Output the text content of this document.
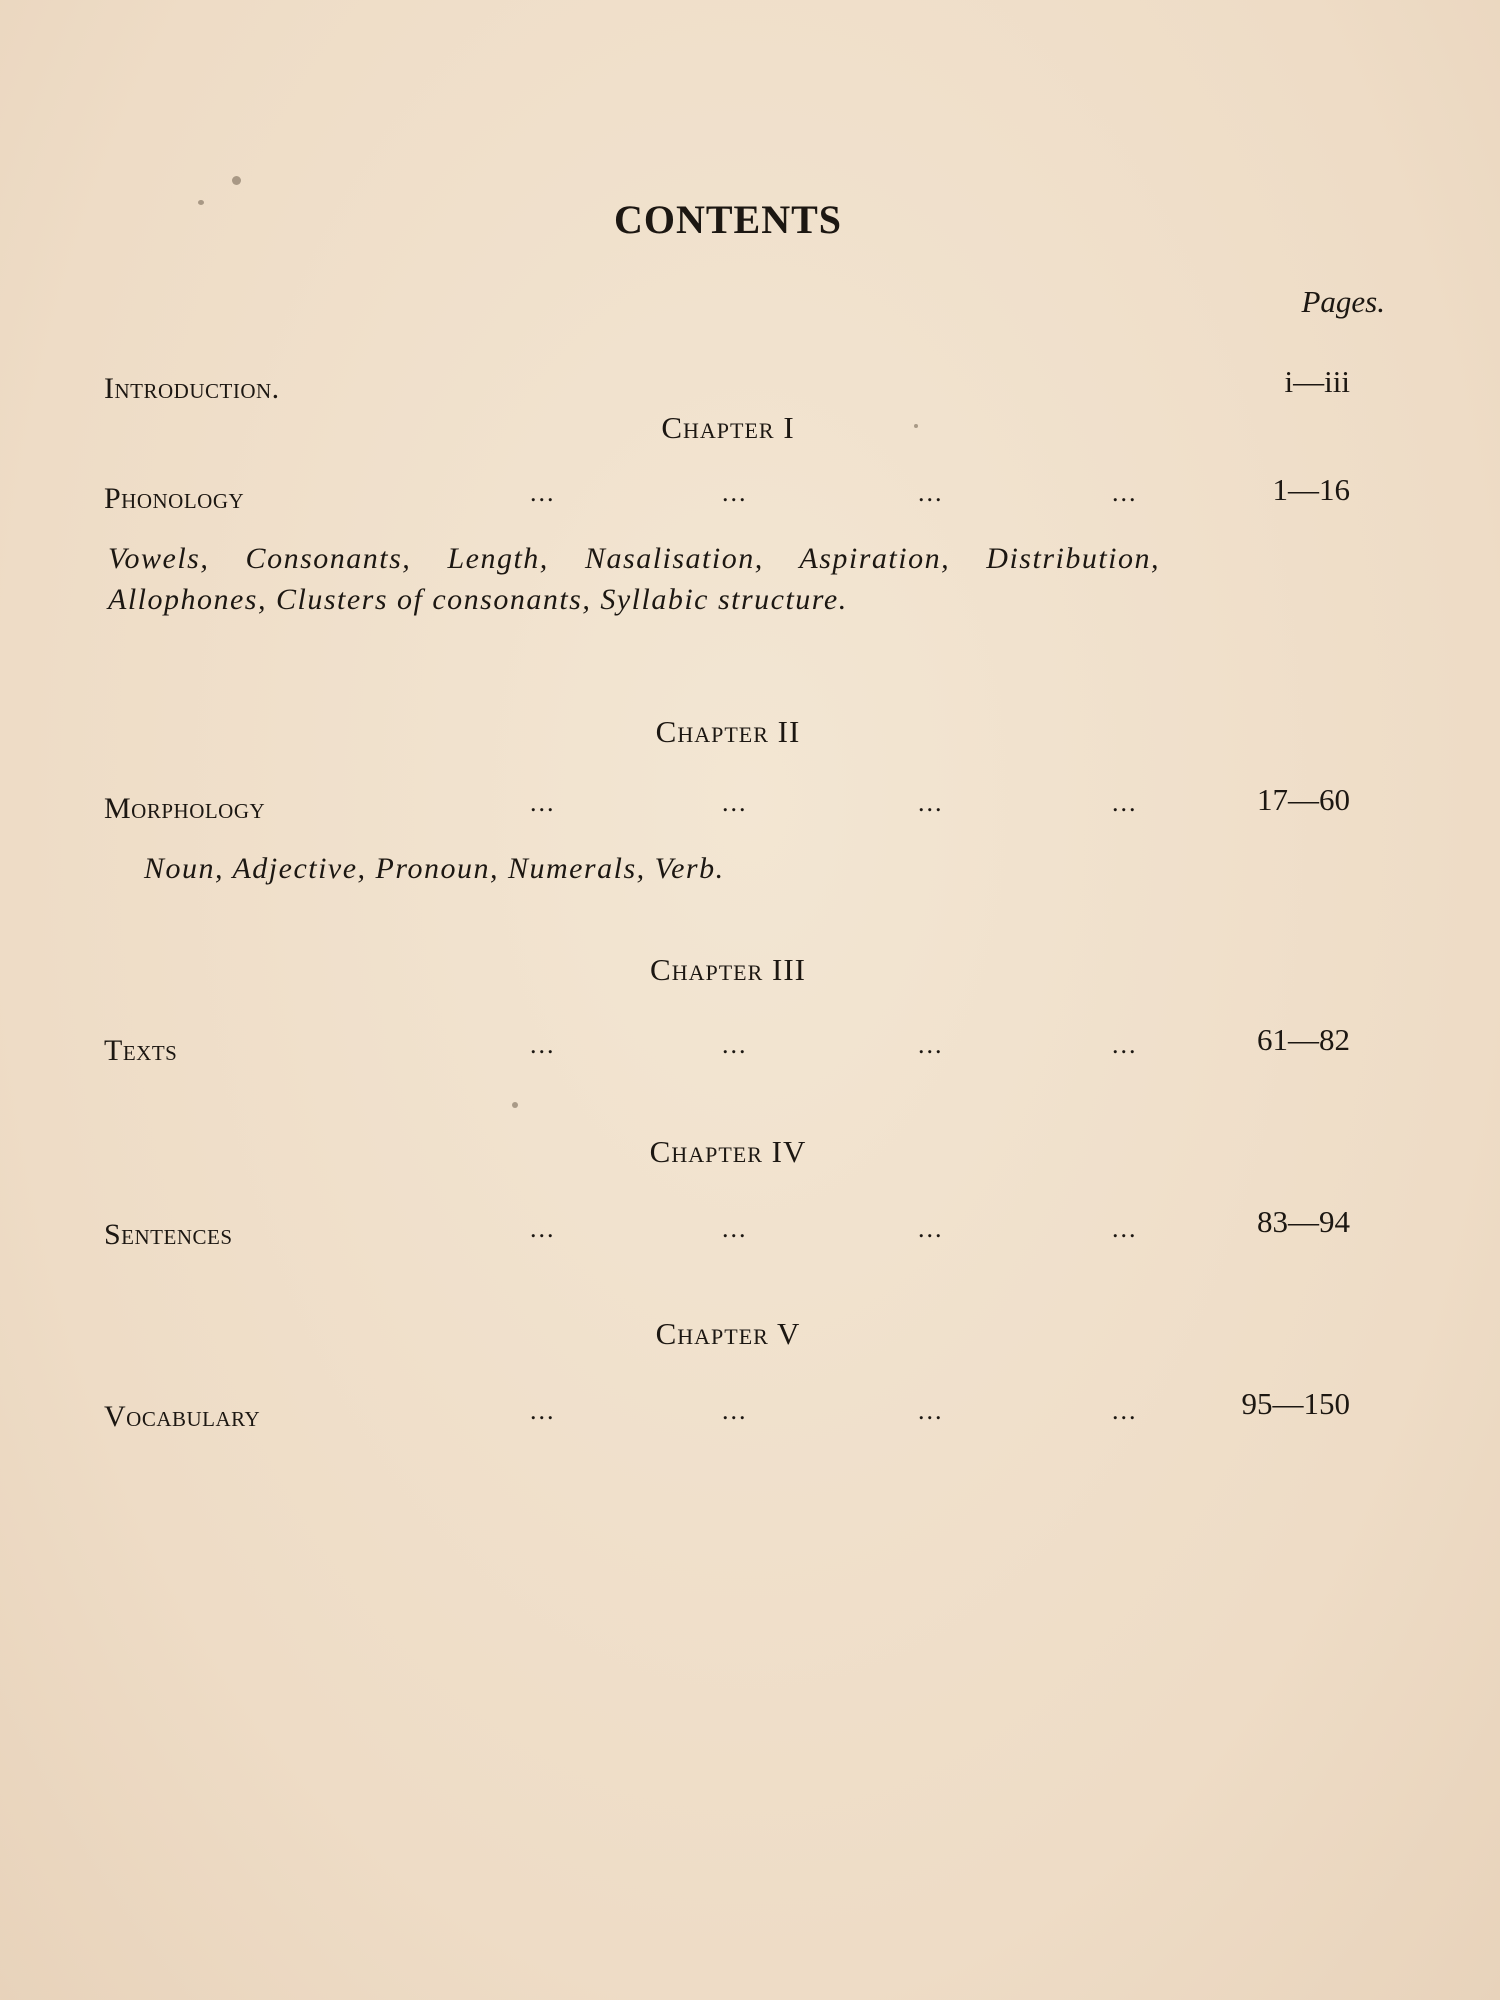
CONTENTS
Pages.
Introduction.	i—iii
Chapter I
Phonology	...	...	...	...	1—16
Vowels, Consonants, Length, Nasalisation, Aspiration, Distribution, Allophones, Clusters of consonants, Syllabic structure.
Chapter II
Morphology	...	...	...	...	17—60
Noun, Adjective, Pronoun, Numerals, Verb.
Chapter III
Texts	...	...	...	...	61—82
Chapter IV
Sentences	...	...	...	...	83—94
Chapter V
Vocabulary	...	...	...	...	95—150
